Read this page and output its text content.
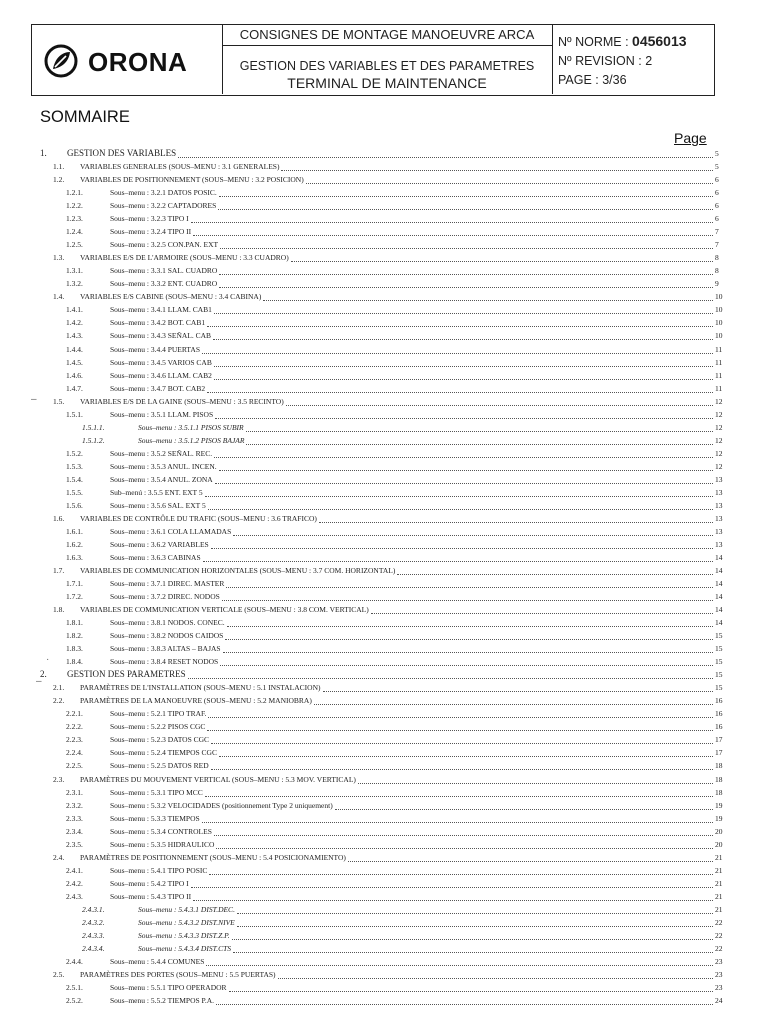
ORONA
CONSIGNES DE MONTAGE MANOEUVRE ARCA
GESTION DES VARIABLES ET DES PARAMETRES
TERMINAL DE MAINTENANCE
Nº NORME : 0456013
Nº REVISION : 2
PAGE : 3/36
SOMMAIRE
Page
–
·
–
1. GESTION DES VARIABLES	5
1.1. VARIABLES GENERALES (SOUS–MENU : 3.1 GENERALES)	5
1.2. VARIABLES DE POSITIONNEMENT (SOUS–MENU : 3.2 POSICION)	6
1.2.1.	Sous–menu : 3.2.1 DATOS POSIC.	6
1.2.2.	Sous–menu : 3.2.2 CAPTADORES	6
1.2.3.	Sous–menu : 3.2.3 TIPO I	6
1.2.4.	Sous–menu : 3.2.4 TIPO II	7
1.2.5.	Sous–menu : 3.2.5 CON.PAN. EXT	7
1.3. VARIABLES E/S DE L'ARMOIRE (SOUS–MENU : 3.3 CUADRO)	8
1.3.1.	Sous–menu : 3.3.1 SAL. CUADRO	8
1.3.2.	Sous–menu : 3.3.2 ENT. CUADRO	9
1.4. VARIABLES E/S CABINE (SOUS–MENU : 3.4 CABINA)	10
1.4.1.	Sous–menu : 3.4.1 LLAM. CAB1	10
1.4.2.	Sous–menu : 3.4.2 BOT. CAB1	10
1.4.3.	Sous–menu : 3.4.3 SEÑAL. CAB	10
1.4.4.	Sous–menu : 3.4.4 PUERTAS	11
1.4.5.	Sous–menu : 3.4.5 VARIOS CAB	11
1.4.6.	Sous–menu : 3.4.6 LLAM. CAB2	11
1.4.7.	Sous–menu : 3.4.7 BOT. CAB2	11
1.5. VARIABLES E/S DE LA GAINE (SOUS–MENU : 3.5 RECINTO)	12
1.5.1.	Sous–menu : 3.5.1 LLAM. PISOS	12
1.5.1.1.	Sous–menu : 3.5.1.1 PISOS SUBIR	12
1.5.1.2.	Sous–menu : 3.5.1.2 PISOS BAJAR	12
1.5.2.	Sous–menu : 3.5.2 SEÑAL. REC.	12
1.5.3.	Sous–menu : 3.5.3 ANUL. INCEN.	12
1.5.4.	Sous–menu : 3.5.4 ANUL. ZONA	13
1.5.5.	Sub–menú : 3.5.5 ENT. EXT 5	13
1.5.6.	Sous–menu : 3.5.6 SAL. EXT 5	13
1.6. VARIABLES DE CONTRÔLE DU TRAFIC (SOUS–MENU : 3.6 TRAFICO)	13
1.6.1.	Sous–menu : 3.6.1 COLA LLAMADAS	13
1.6.2.	Sous–menu : 3.6.2 VARIABLES	13
1.6.3.	Sous–menu : 3.6.3 CABINAS	14
1.7. VARIABLES DE COMMUNICATION HORIZONTALES (SOUS–MENU : 3.7 COM. HORIZONTAL)	14
1.7.1.	Sous–menu : 3.7.1 DIREC. MASTER	14
1.7.2.	Sous–menu : 3.7.2 DIREC. NODOS	14
1.8. VARIABLES DE COMMUNICATION VERTICALE (SOUS–MENU : 3.8 COM. VERTICAL)	14
1.8.1.	Sous–menu : 3.8.1 NODOS. CONEC.	14
1.8.2.	Sous–menu : 3.8.2 NODOS CAIDOS	15
1.8.3.	Sous–menu : 3.8.3 ALTAS – BAJAS	15
1.8.4.	Sous–menu : 3.8.4 RESET NODOS	15
2. GESTION DES PARAMETRES	15
2.1. PARAMÈTRES DE L'INSTALLATION (SOUS–MENU : 5.1 INSTALACION)	15
2.2. PARAMÈTRES DE LA MANOEUVRE (SOUS–MENU : 5.2 MANIOBRA)	16
2.2.1.	Sous–menu : 5.2.1 TIPO TRAF.	16
2.2.2.	Sous–menu : 5.2.2 PISOS CGC	16
2.2.3.	Sous–menu : 5.2.3 DATOS CGC	17
2.2.4.	Sous–menu : 5.2.4 TIEMPOS CGC	17
2.2.5.	Sous–menu : 5.2.5 DATOS RED	18
2.3. PARAMÈTRES DU MOUVEMENT VERTICAL (SOUS–MENU : 5.3 MOV. VERTICAL)	18
2.3.1.	Sous–menu : 5.3.1 TIPO MCC	18
2.3.2.	Sous–menu : 5.3.2 VELOCIDADES (positionnement Type 2 uniquement)	19
2.3.3.	Sous–menu : 5.3.3 TIEMPOS	19
2.3.4.	Sous–menu : 5.3.4 CONTROLES	20
2.3.5.	Sous–menu : 5.3.5 HIDRAULICO	20
2.4. PARAMÈTRES DE POSITIONNEMENT (SOUS–MENU : 5.4 POSICIONAMIENTO)	21
2.4.1.	Sous–menu : 5.4.1 TIPO POSIC	21
2.4.2.	Sous–menu : 5.4.2 TIPO I	21
2.4.3.	Sous–menu : 5.4.3 TIPO II	21
2.4.3.1.	Sous–menu : 5.4.3.1 DIST.DEC.	21
2.4.3.2.	Sous–menu : 5.4.3.2 DIST.NIVE	22
2.4.3.3.	Sous–menu : 5.4.3.3 DIST.Z.P.	22
2.4.3.4.	Sous–menu : 5.4.3.4 DIST.CTS	22
2.4.4.	Sous–menu : 5.4.4 COMUNES	23
2.5. PARAMÈTRES DES PORTES (SOUS–MENU : 5.5 PUERTAS)	23
2.5.1.	Sous–menu : 5.5.1 TIPO OPERADOR	23
2.5.2.	Sous–menu : 5.5.2 TIEMPOS P.A.	24
